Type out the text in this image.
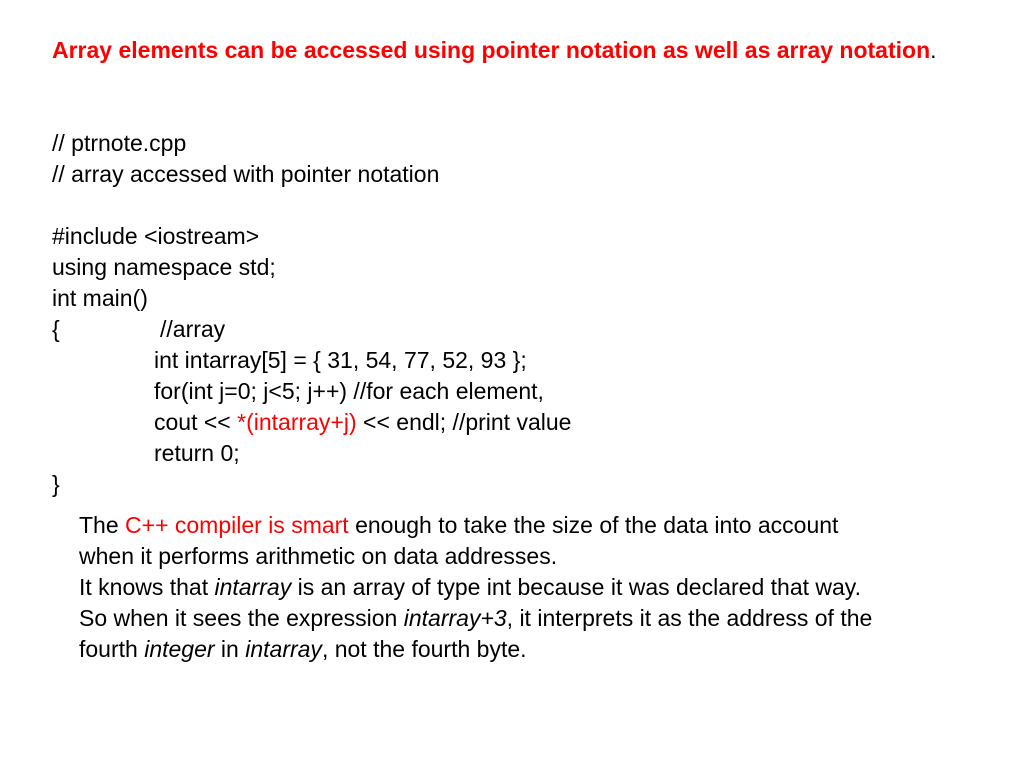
Array elements can be accessed using pointer notation as well as array notation.
// ptrnote.cpp
// array accessed with pointer notation
#include <iostream>
using namespace std;
int main()
{	//array
int intarray[5] = { 31, 54, 77, 52, 93 };
for(int j=0; j<5; j++) //for each element,
cout << *(intarray+j) << endl; //print value
return 0;
}
The C++ compiler is smart enough to take the size of the data into account
when it performs arithmetic on data addresses.
It knows that intarray is an array of type int because it was declared that way.
So when it sees the expression intarray+3, it interprets it as the address of the
fourth integer in intarray, not the fourth byte.
